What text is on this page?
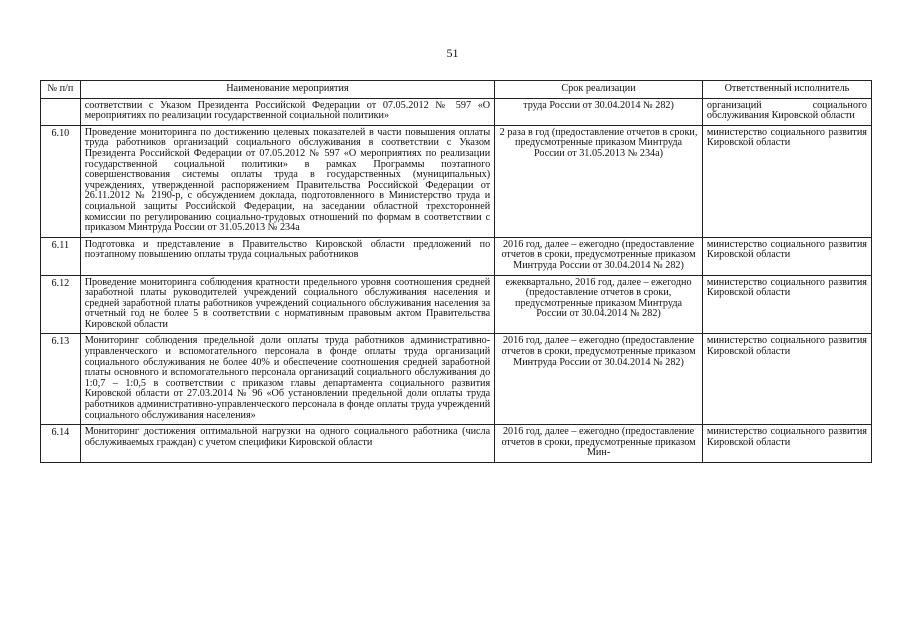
51
№ п/п	Наименование мероприятия	Срок реализации	Ответственный исполнитель
	соответствии с Указом Президента Российской Федерации от 07.05.2012 № 597 «О мероприятиях по реализации государственной социальной политики»	труда России от 30.04.2014 № 282)	организаций социального обслуживания Кировской области
6.10	Проведение мониторинга по достижению целевых показателей в части повышения оплаты труда работников организаций социального обслуживания в соответствии с Указом Президента Российской Федерации от 07.05.2012 № 597 «О мероприятиях по реализации государственной социальной политики» в рамках Программы поэтапного совершенствования системы оплаты труда в государственных (муниципальных) учреждениях, утвержденной распоряжением Правительства Российской Федерации от 26.11.2012 № 2190-р, с обсуждением доклада, подготовленного в Министерство труда и социальной защиты Российской Федерации, на заседании областной трехсторонней комиссии по регулированию социально-трудовых отношений по формам в соответствии с приказом Минтруда России от 31.05.2013 № 234а	2 раза в год (предоставление отчетов в сроки, предусмотренные приказом Минтруда России от 31.05.2013 № 234а)	министерство социального развития Кировской области
6.11	Подготовка и представление в Правительство Кировской области предложений по поэтапному повышению оплаты труда социальных работников	2016 год, далее – ежегодно (предоставление отчетов в сроки, предусмотренные приказом Минтруда России от 30.04.2014 № 282)	министерство социального развития Кировской области
6.12	Проведение мониторинга соблюдения кратности предельного уровня соотношения средней заработной платы руководителей учреждений социального обслуживания населения и средней заработной платы работников учреждений социального обслуживания населения за отчетный год не более 5 в соответствии с нормативным правовым актом Правительства Кировской области	ежеквартально, 2016 год, далее – ежегодно (предоставление отчетов в сроки, предусмотренные приказом Минтруда России от 30.04.2014 № 282)	министерство социального развития Кировской области
6.13	Мониторинг соблюдения предельной доли оплаты труда работников административно-управленческого и вспомогательного персонала в фонде оплаты труда организаций социального обслуживания не более 40% и обеспечение соотношения средней заработной платы основного и вспомогательного персонала организаций социального обслуживания до 1:0,7 – 1:0,5 в соответствии с приказом главы департамента социального развития Кировской области от 27.03.2014 № 96 «Об установлении предельной доли оплаты труда работников административно-управленческого персонала в фонде оплаты труда учреждений социального обслуживания населения»	2016 год, далее – ежегодно (предоставление отчетов в сроки, предусмотренные приказом Минтруда России от 30.04.2014 № 282)	министерство социального развития Кировской области
6.14	Мониторинг достижения оптимальной нагрузки на одного социального работника (числа обслуживаемых граждан) с учетом специфики Кировской области	2016 год, далее – ежегодно (предоставление отчетов в сроки, предусмотренные приказом Мин-	министерство социального развития Кировской области
